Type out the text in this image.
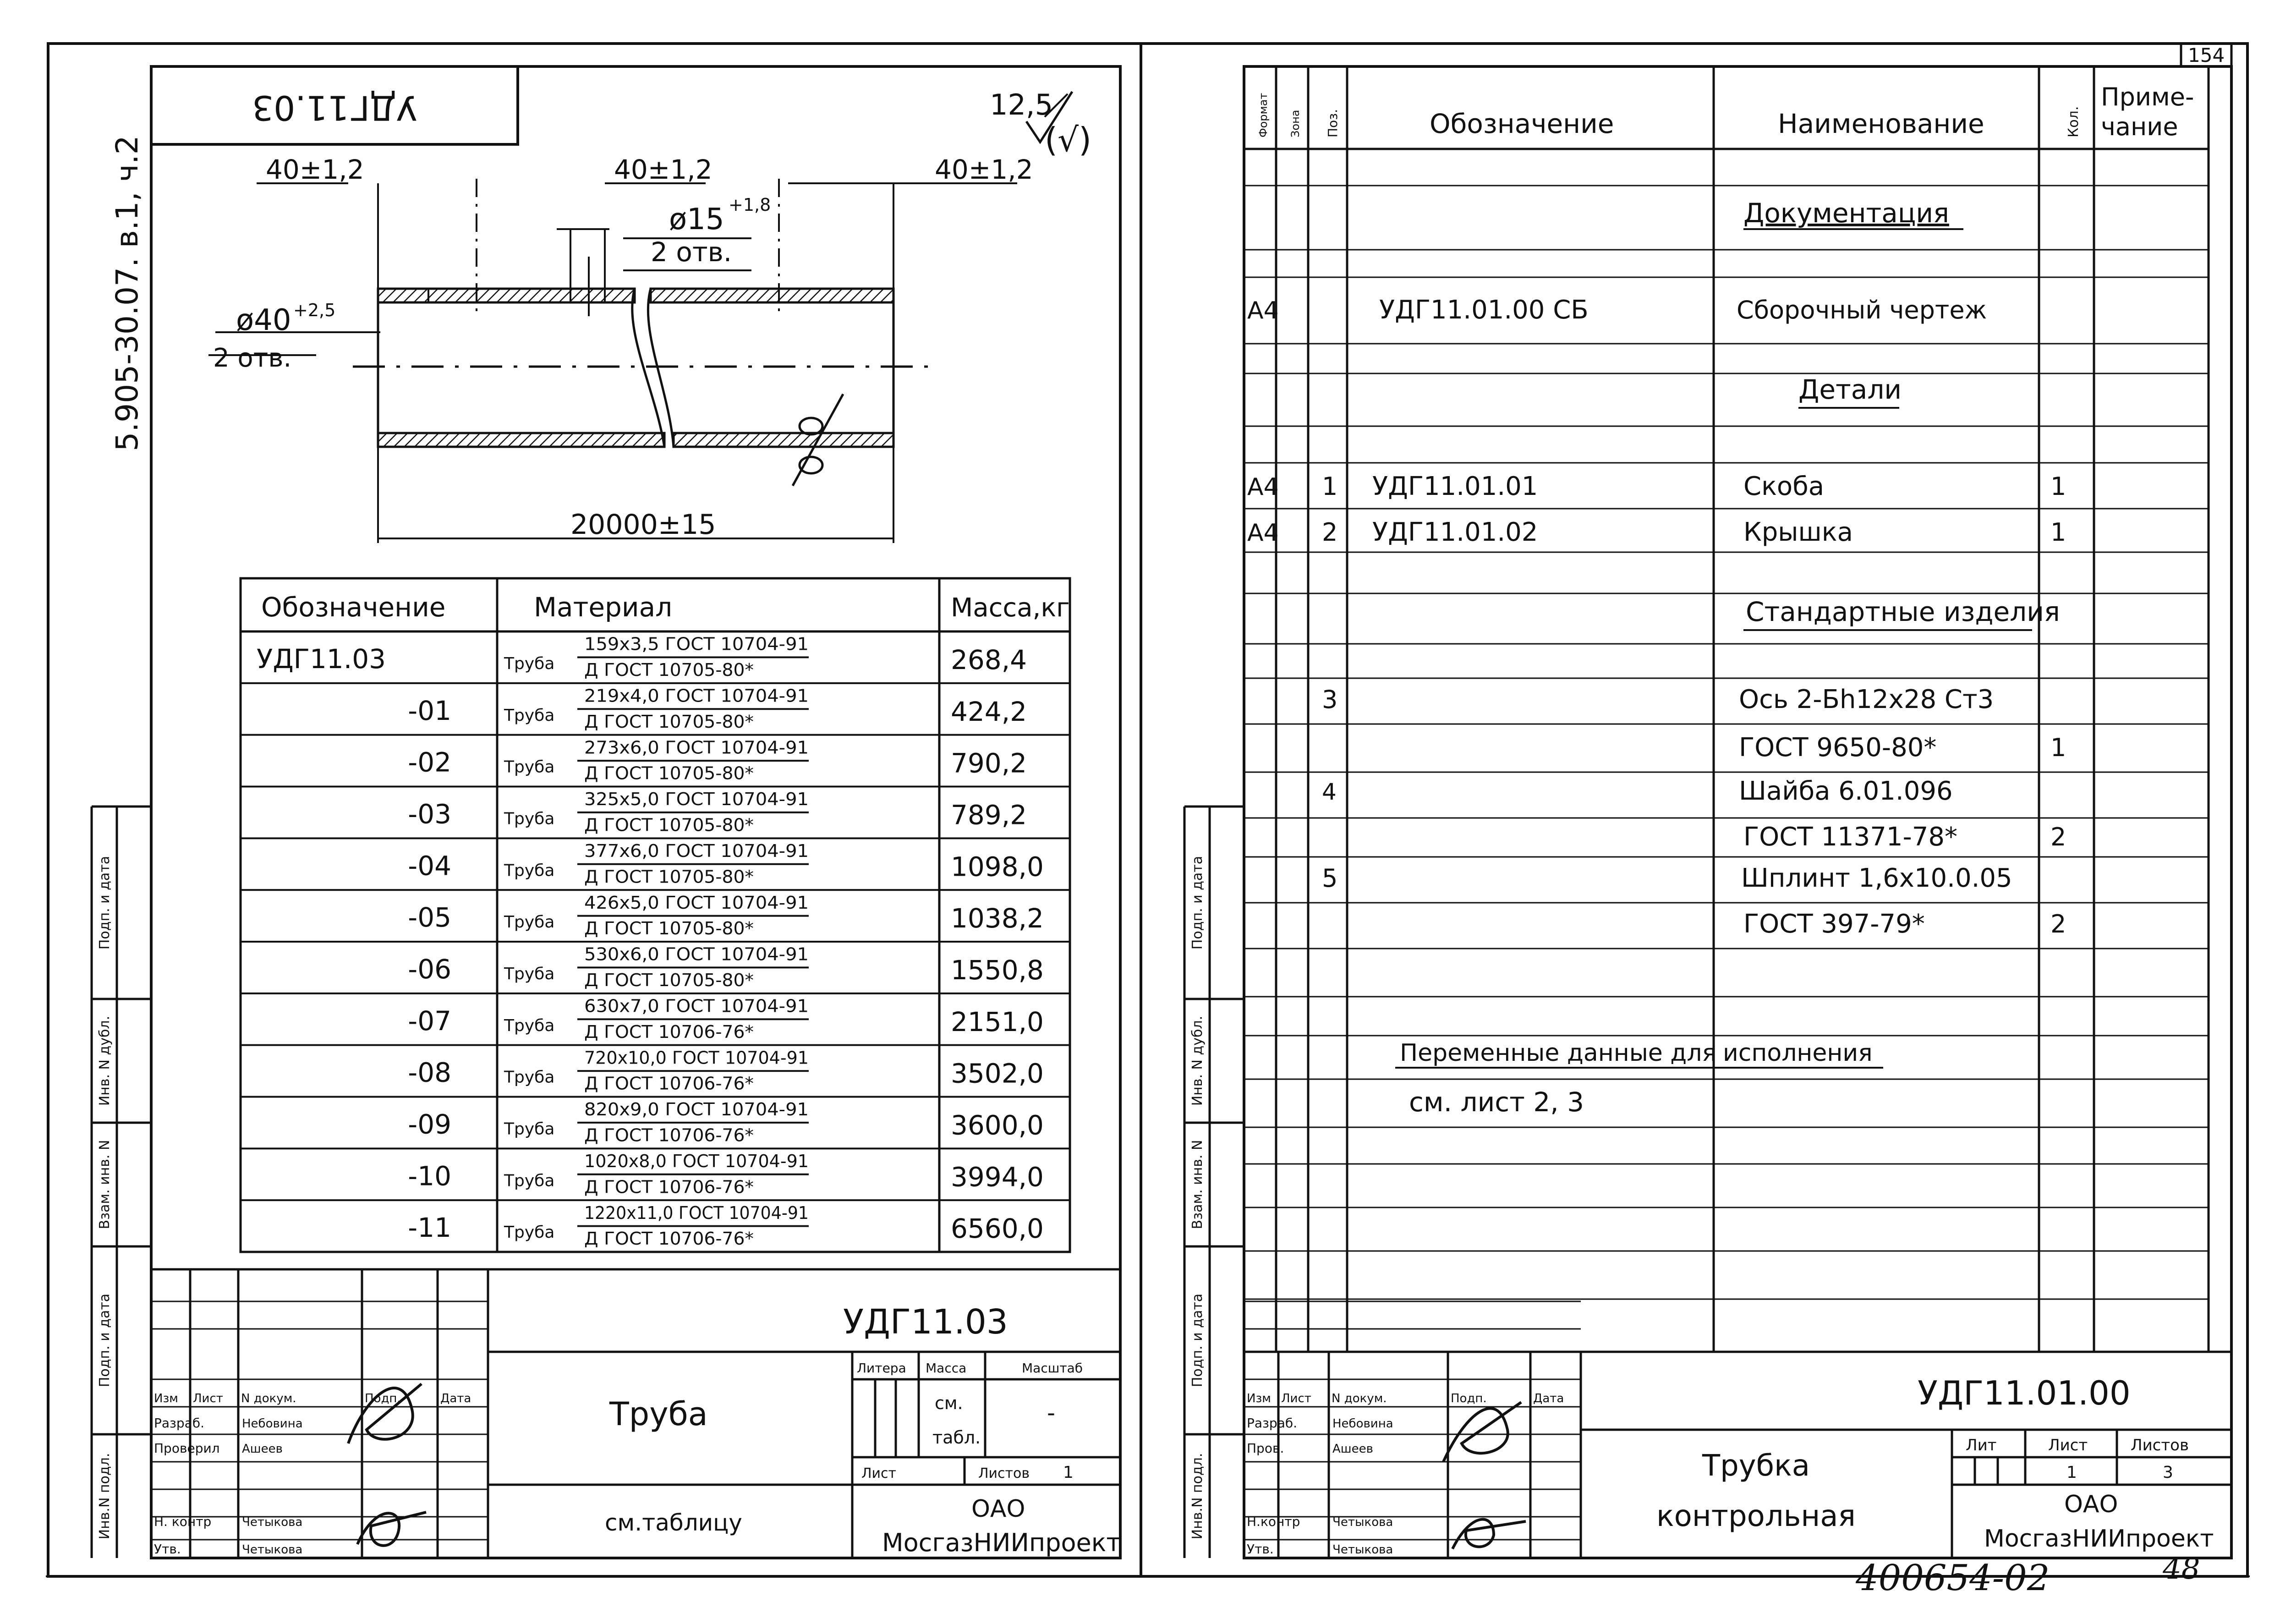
УДГ11.03	12,5
(√)
5.905-30.07. в.1, ч.2	40±1,2	40±1,2	40±1,2
ø15 +1,8
2 отв.
ø40 +2,5
2 отв.
20000±15
Обозначение	Материал	Масса,кг
УДГ11.03	Труба
159x3,5 ГОСТ 10704-91
Д ГОСТ 10705-80*	268,4
-01	Труба
219x4,0 ГОСТ 10704-91
Д ГОСТ 10705-80*	424,2
-02	Труба
273x6,0 ГОСТ 10704-91
Д ГОСТ 10705-80*	790,2
-03	Труба
325x5,0 ГОСТ 10704-91
Д ГОСТ 10705-80*	789,2
-04	Труба
377x6,0 ГОСТ 10704-91
Д ГОСТ 10705-80*	1098,0
-05	Труба
426x5,0 ГОСТ 10704-91
Д ГОСТ 10705-80*	1038,2
-06	Труба
530x6,0 ГОСТ 10704-91
Д ГОСТ 10705-80*	1550,8
-07	Труба
630x7,0 ГОСТ 10704-91
Д ГОСТ 10706-76*	2151,0
-08	Труба
720x10,0 ГОСТ 10704-91
Д ГОСТ 10706-76*	3502,0
-09	Труба
820x9,0 ГОСТ 10704-91
Д ГОСТ 10706-76*	3600,0
-10	Труба
1020x8,0 ГОСТ 10704-91
Д ГОСТ 10706-76*	3994,0
-11	Труба
1220x11,0 ГОСТ 10704-91
Д ГОСТ 10706-76*	6560,0
УДГ11.03
Труба
см.таблицу
Литера Масса	Масштаб
см.
табл.
-
Лист	Листов 1
ОАО
МосгазНИИпроект
Изм Лист N докум.	Подп.	Дата
Разраб.	Небовина
Проверил Ашеев
Н. контр	Четыкова
Утв.	Четыкова
Подп. и дата
Инв. N дубл.
Взам. инв. N
Подп. и дата
Инв.N подл.
154
Формат Зона Поз.	Обозначение	Наименование	Кол.
Приме-
чание
Документация
А4	УДГ11.01.00 СБ	Сборочный чертеж
Детали
А4 1 УДГ11.01.01	Скоба	1
А4 2 УДГ11.01.02	Крышка	1
Стандартные изделия
3	Ось 2-Бh12x28 Ст3
ГОСТ 9650-80*	1
4	Шайба 6.01.096
ГОСТ 11371-78*	2
5	Шплинт 1,6x10.0.05
ГОСТ 397-79*	2
Переменные данные для исполнения
см. лист 2, 3
УДГ11.01.00
Трубка
контрольная
Лит	Лист	Листов
1	3
ОАО
МосгазНИИпроект
Изм Лист N докум.	Подп.	Дата
Разраб.	Небовина
Пров.	Ашеев
Н.контр	Четыкова
Утв.	Четыкова
Подп. и дата
Инв. N дубл.
Взам. инв. N
Подп. и дата
Инв.N подл.
400654-02	48
